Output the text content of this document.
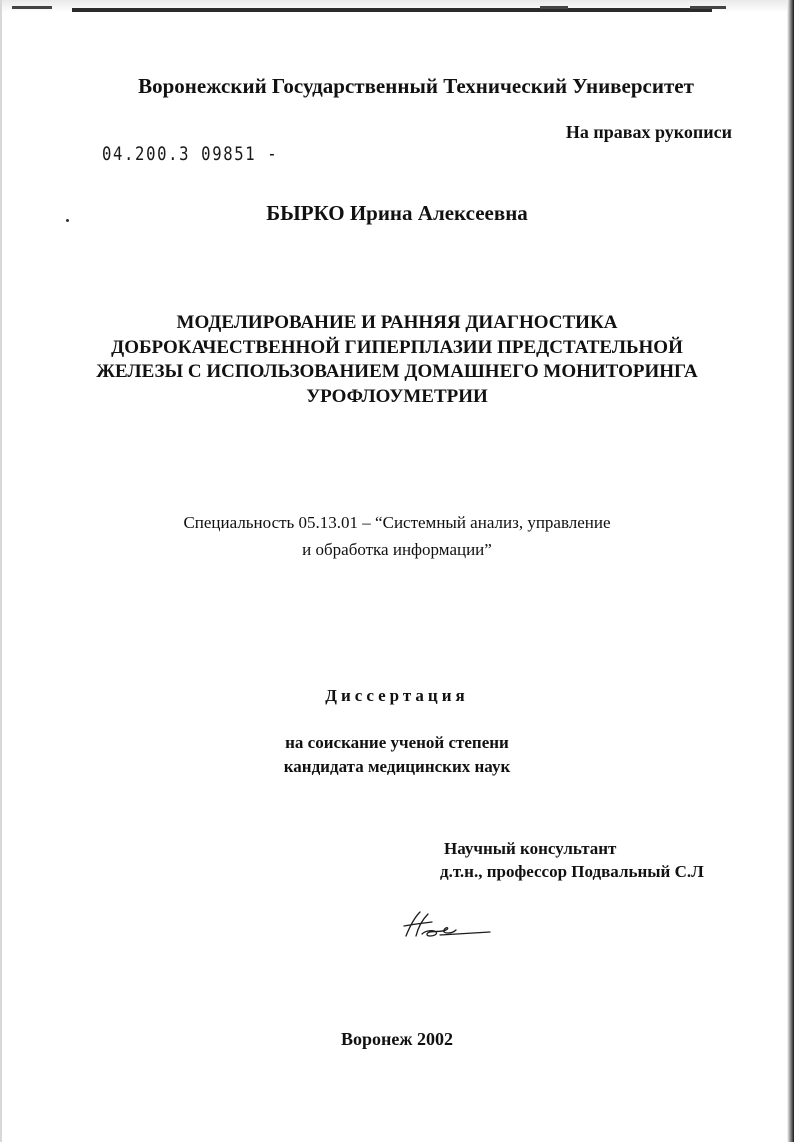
Воронежский Государственный Технический Университет
На правах рукописи
04.200.3 09851 -
БЫРКО Ирина Алексеевна
МОДЕЛИРОВАНИЕ И РАННЯЯ ДИАГНОСТИКА
ДОБРОКАЧЕСТВЕННОЙ ГИПЕРПЛАЗИИ ПРЕДСТАТЕЛЬНОЙ
ЖЕЛЕЗЫ С ИСПОЛЬЗОВАНИЕМ ДОМАШНЕГО МОНИТОРИНГА
УРОФЛОУМЕТРИИ
Специальность 05.13.01 – “Системный анализ, управление
и обработка информации”
Диссертация
на соискание ученой степени
кандидата медицинских наук
Научный консультант
д.т.н., профессор Подвальный С.Л
Воронеж 2002
